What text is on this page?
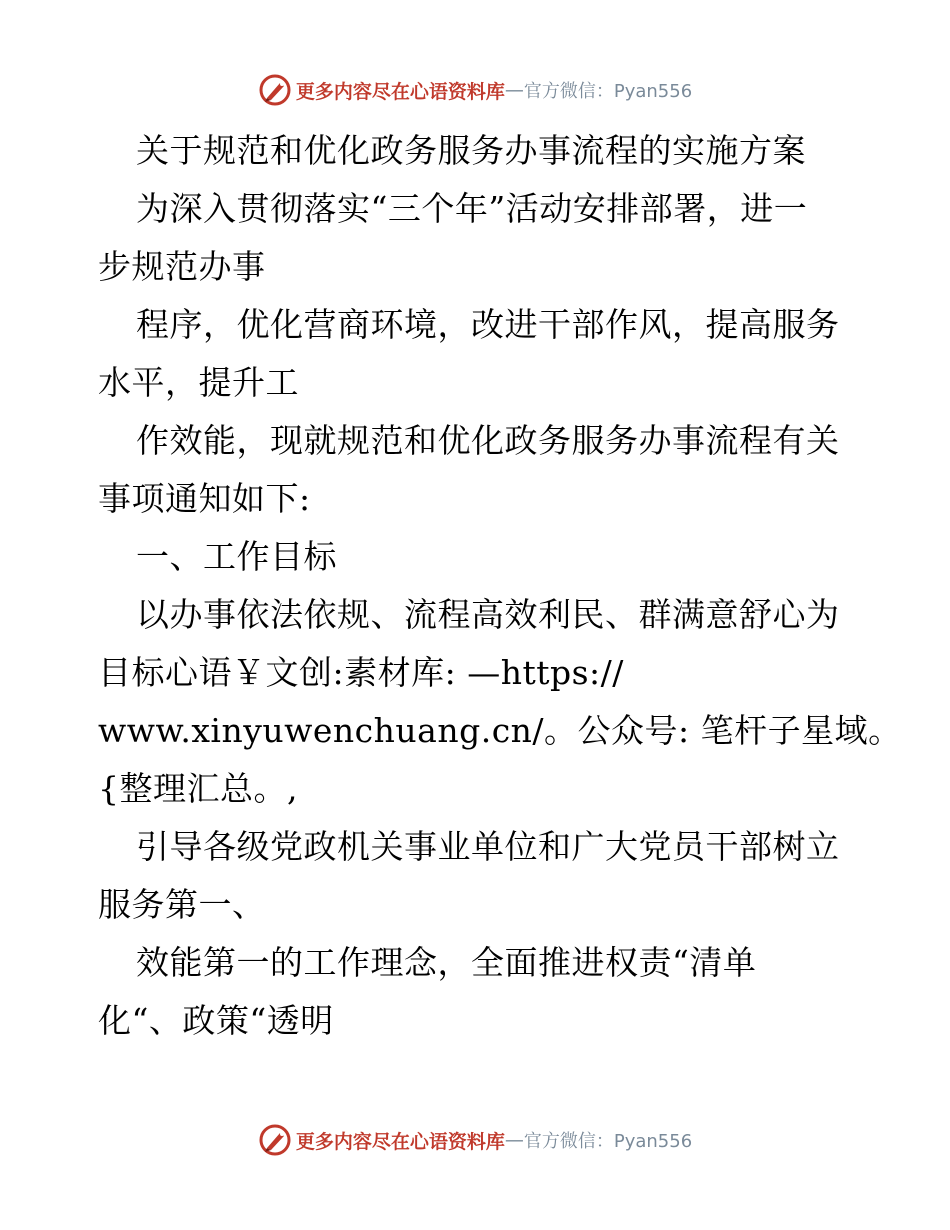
更多内容尽在心语资料库 — 官方微信：Pyan556
关于规范和优化政务服务办事流程的实施方案
为深入贯彻落实“三个年”活动安排部署，进一
步规范办事
程序，优化营商环境，改进干部作风，提高服务
水平，提升工
作效能，现就规范和优化政务服务办事流程有关
事项通知如下:
一、工作目标
以办事依法依规、流程高效利民、群满意舒心为
目标心语￥文创:素材库: —https://
www.xinyuwenchuang.cn/。公众号: 笔杆子星域。
{整理汇总。,
引导各级党政机关事业单位和广大党员干部树立
服务第一、
效能第一的工作理念，全面推进权责“清单
化“、政策“透明
更多内容尽在心语资料库 — 官方微信：Pyan556
